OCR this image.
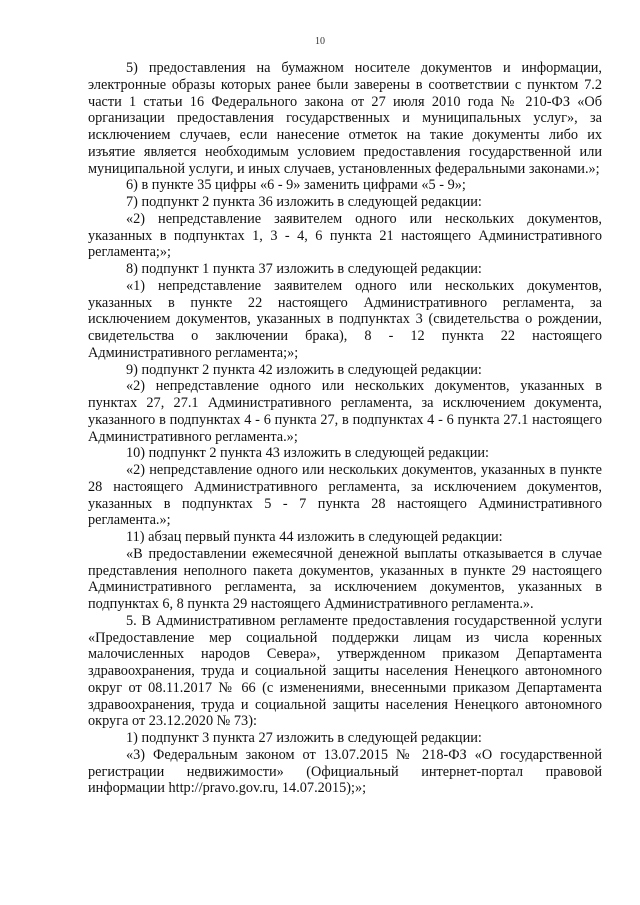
10

5) предоставления на бумажном носителе документов и информации, электронные образы которых ранее были заверены в соответствии с пунктом 7.2 части 1 статьи 16 Федерального закона от 27 июля 2010 года № 210-ФЗ «Об организации предоставления государственных и муниципальных услуг», за исключением случаев, если нанесение отметок на такие документы либо их изъятие является необходимым условием предоставления государственной или муниципальной услуги, и иных случаев, установленных федеральными законами.»;

6) в пункте 35 цифры «6 - 9» заменить цифрами «5 - 9»;

7) подпункт 2 пункта 36 изложить в следующей редакции:

«2) непредставление заявителем одного или нескольких документов, указанных в подпунктах 1, 3 - 4, 6 пункта 21 настоящего Административного регламента;»;

8) подпункт 1 пункта 37 изложить в следующей редакции:

«1) непредставление заявителем одного или нескольких документов, указанных в пункте 22 настоящего Административного регламента, за исключением документов, указанных в подпунктах 3 (свидетельства о рождении, свидетельства о заключении брака), 8 - 12 пункта 22 настоящего Административного регламента;»;

9) подпункт 2 пункта 42 изложить в следующей редакции:

«2) непредставление одного или нескольких документов, указанных в пунктах 27, 27.1 Административного регламента, за исключением документа, указанного в подпунктах 4 - 6 пункта 27, в подпунктах 4 - 6 пункта 27.1 настоящего Административного регламента.»;

10) подпункт 2 пункта 43 изложить в следующей редакции:

«2) непредставление одного или нескольких документов, указанных в пункте 28 настоящего Административного регламента, за исключением документов, указанных в подпунктах 5 - 7 пункта 28 настоящего Административного регламента.»;

11) абзац первый пункта 44 изложить в следующей редакции:

«В предоставлении ежемесячной денежной выплаты отказывается в случае представления неполного пакета документов, указанных в пункте 29 настоящего Административного регламента, за исключением документов, указанных в подпунктах 6, 8 пункта 29 настоящего Административного регламента.».

5. В Административном регламенте предоставления государственной услуги «Предоставление мер социальной поддержки лицам из числа коренных малочисленных народов Севера», утвержденном приказом Департамента здравоохранения, труда и социальной защиты населения Ненецкого автономного округ от 08.11.2017 № 66 (с изменениями, внесенными приказом Департамента здравоохранения, труда и социальной защиты населения Ненецкого автономного округа от 23.12.2020 № 73):

1) подпункт 3 пункта 27 изложить в следующей редакции:

«3) Федеральным законом от 13.07.2015 № 218-ФЗ «О государственной регистрации недвижимости» (Официальный интернет-портал правовой информации http://pravo.gov.ru, 14.07.2015);»;
